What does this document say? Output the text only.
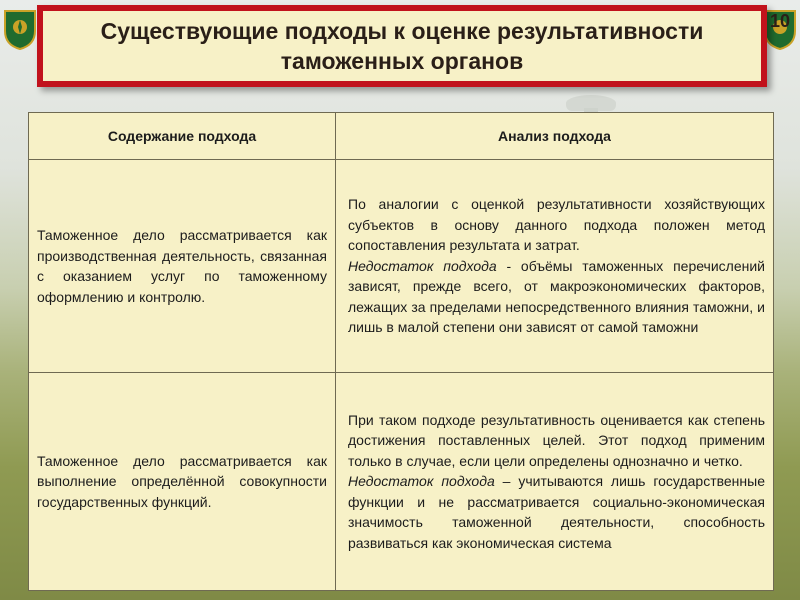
Существующие подходы к оценке результативности таможенных органов
10
Содержание подхода	Анализ подхода

Таможенное дело рассматривается как производственная деятельность, связанная с оказанием услуг по таможенному оформлению и контролю.	По аналогии с оценкой результативности хозяйствующих субъектов в основу данного подхода положен метод сопоставления результата и затрат.
Недостаток подхода - объёмы таможенных перечислений зависят, прежде всего, от макроэкономических факторов, лежащих за пределами непосредственного влияния таможни, и лишь в малой степени они зависят от самой таможни

Таможенное дело рассматривается как выполнение определённой совокупности государственных функций.	При таком подходе результативность оценивается как степень достижения поставленных целей. Этот подход применим только в случае, если цели определены однозначно и четко.
Недостаток подхода – учитываются лишь государственные функции и не рассматривается социально-экономическая значимость таможенной деятельности, способность развиваться как экономическая система
